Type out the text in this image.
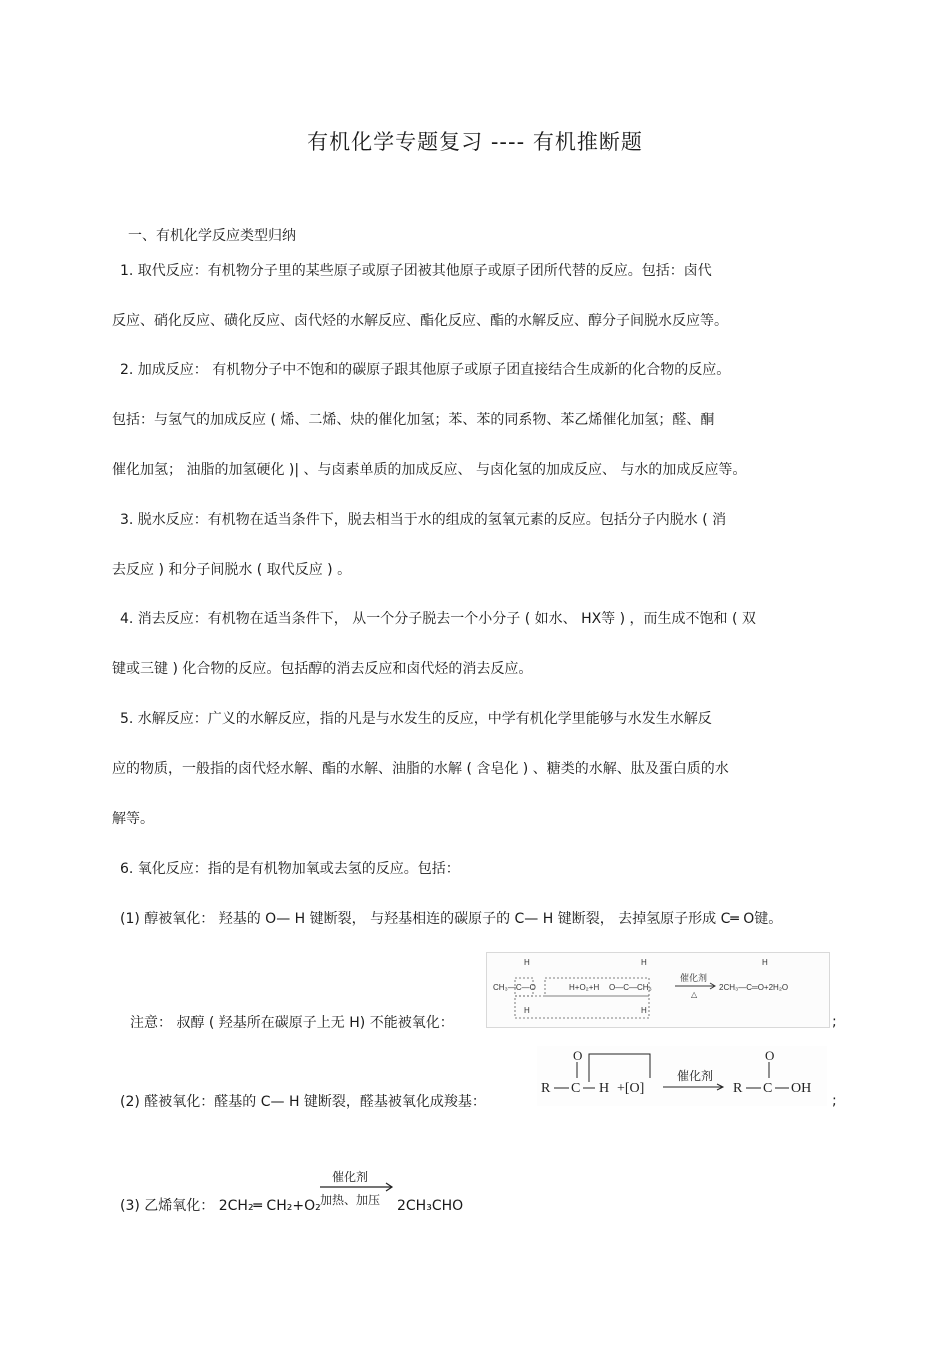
有机化学专题复习 ---- 有机推断题
一、有机化学反应类型归纳
1. 取代反应：有机物分子里的某些原子或原子团被其他原子或原子团所代替的反应。包括：卤代
反应、硝化反应、磺化反应、卤代烃的水解反应、酯化反应、酯的水解反应、醇分子间脱水反应等。
2. 加成反应： 有机物分子中不饱和的碳原子跟其他原子或原子团直接结合生成新的化合物的反应。
包括：与氢气的加成反应 ( 烯、二烯、炔的催化加氢；苯、苯的同系物、苯乙烯催化加氢；醛、酮
催化加氢； 油脂的加氢硬化 )| 、与卤素单质的加成反应、 与卤化氢的加成反应、 与水的加成反应等。
3. 脱水反应：有机物在适当条件下，脱去相当于水的组成的氢氧元素的反应。包括分子内脱水 ( 消
去反应 ) 和分子间脱水 ( 取代反应 ) 。
4. 消去反应：有机物在适当条件下， 从一个分子脱去一个小分子 ( 如水、 HX等 ) ，而生成不饱和 ( 双
键或三键 ) 化合物的反应。包括醇的消去反应和卤代烃的消去反应。
5. 水解反应：广义的水解反应，指的凡是与水发生的反应，中学有机化学里能够与水发生水解反
应的物质，一般指的卤代烃水解、酯的水解、油脂的水解 ( 含皂化 ) 、糖类的水解、肽及蛋白质的水
解等。
6. 氧化反应：指的是有机物加氧或去氢的反应。包括：
(1) 醇被氧化： 羟基的 O— H 键断裂， 与羟基相连的碳原子的 C— H 键断裂， 去掉氢原子形成 C═ O键。
注意： 叔醇 ( 羟基所在碳原子上无 H) 不能被氧化：
CH₃—C—O
H
H
H+O₂+H O—C—CH₃
H
H
催化剂
△
2CH₃—C═O+2H₂O
H
;
(2) 醛被氧化：醛基的 C— H 键断裂，醛基被氧化成羧基：
O
R C H +[O]
催化剂
O
R C OH
;
(3) 乙烯氧化： 2CH₂═ CH₂+O₂
催化剂
加热、加压 2CH₃CHO
